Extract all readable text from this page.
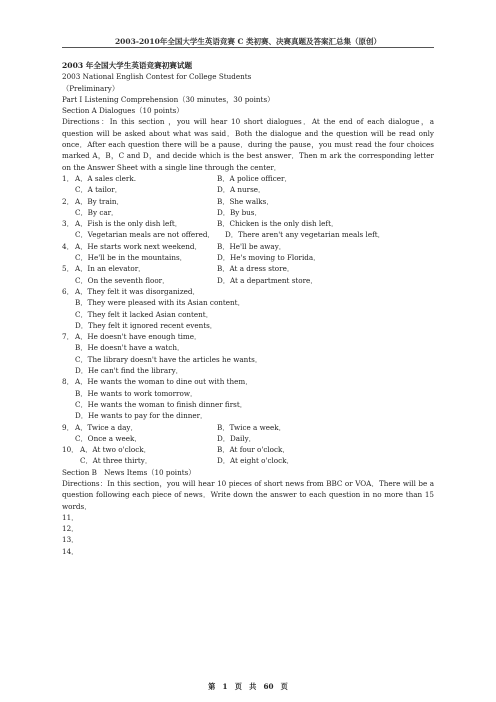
2003-2010年全国大学生英语竞赛 C 类初赛、决赛真题及答案汇总集（原创）
2003 年全国大学生英语竞赛初赛试题
2003 National English Contest for College Students
（Preliminary）
Part I Listening Comprehension（30 minutes，30 points）
Section A Dialogues（10 points）
Directions：In this section ，you will hear 10 short dialogues．At the end of each dialogue，a question will be asked about what was said．Both the dialogue and the question will be read only once．After each question there will be a pause．during the pause，you must read the four choices marked A，B，C and D，and decide which is the best answer．Then m ark the corresponding letter on the Answer Sheet with a single line through the center．
1． A．A sales clerk.	B．A police officer．
C．A tailor．	D．A nurse．
2． A．By train．	B．She walks．
C．By car．	D．By bus．
3． A．Fish is the only dish left．	B．Chicken is the only dish left．
C．Vegetarian meals are not offered．	D．There aren't any vegetarian meals left．
4． A．He starts work next weekend．	B．He'll be away．
C．He'll be in the mountains．	D．He's moving to Florida．
5． A．In an elevator．	B．At a dress store．
C．On the seventh floor．	D．At a department store．
6． A．They felt it was disorganized．
B．They were pleased with its Asian content．
C．They felt it lacked Asian content．
D．They felt it ignored recent events．
7． A．He doesn't have enough time．
B．He doesn't have a watch．
C．The library doesn't have the articles he wants．
D．He can't find the library．
8． A．He wants the woman to dine out with them．
B．He wants to work tomorrow．
C．He wants the woman to finish dinner first．
D．He wants to pay for the dinner．
9． A．Twice a day．	B．Twice a week．
C．Once a week．	D．Daily．
10． A．At two o'clock．	B．At four o'clock．
C．At three thirty．	D．At eight o'clock．
Section B　News Items（10 points）
Directions：In this section，you will hear 10 pieces of short news from BBC or VOA．There will be a question following each piece of news．Write down the answer to each question in no more than 15 words．
11．
12．
13．
14．
第　1　页　共　60　页
